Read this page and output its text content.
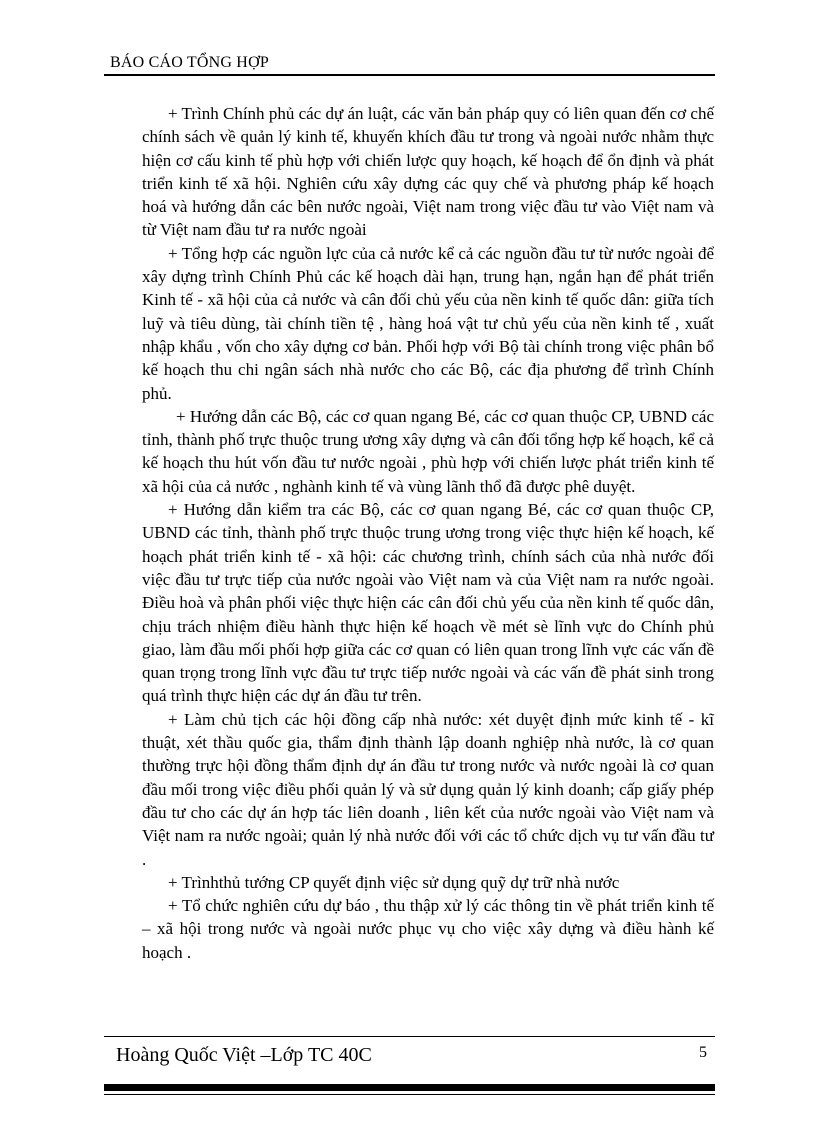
BÁO CÁO TỔNG HỢP

+ Trình Chính phủ các dự án luật, các văn bản pháp quy có liên quan đến cơ chế chính sách về quản lý kinh tế, khuyến khích đầu tư trong và ngoài nước nhằm thực hiện cơ cấu kinh tế phù hợp với chiến lược quy hoạch, kế hoạch để ổn định và phát triển kinh tế xã hội. Nghiên cứu xây dựng các quy chế và phương pháp kế hoạch hoá và hướng dẫn các bên nước ngoài, Việt nam trong việc đầu tư vào Việt nam và từ Việt nam đầu tư ra nước ngoài

+ Tổng hợp các nguồn lực của cả nước kể cả các nguồn đầu tư từ nước ngoài để xây dựng trình Chính Phủ các kế hoạch dài hạn, trung hạn, ngắn hạn để phát triển Kinh tế - xã hội của cả nước và cân đối chủ yếu của nền kinh tế quốc dân: giữa tích luỹ và tiêu dùng, tài chính tiền tệ , hàng hoá vật tư chủ yếu của nền kinh tế , xuất nhập khẩu , vốn cho xây dựng cơ bản. Phối hợp với Bộ tài chính trong việc phân bổ kế hoạch thu chi ngân sách nhà nước cho các Bộ, các địa phương để trình Chính phủ.

+ Hướng dẫn các Bộ, các cơ quan ngang Bé, các cơ quan thuộc CP, UBND các tỉnh, thành phố trực thuộc trung ương xây dựng và cân đối tổng hợp kế hoạch, kể cả kế hoạch thu hút vốn đầu tư nước ngoài , phù hợp với chiến lược phát triển kinh tế xã hội của cả nước , nghành kinh tế và vùng lãnh thổ đã được phê duyệt.

+ Hướng dẫn kiểm tra các Bộ, các cơ quan ngang Bé, các cơ quan thuộc CP, UBND các tỉnh, thành phố trực thuộc trung ương trong việc thực hiện kế hoạch, kế hoạch phát triển kinh tế - xã hội: các chương trình, chính sách của nhà nước đối việc đầu tư trực tiếp của nước ngoài vào Việt nam và của Việt nam ra nước ngoài. Điều hoà và phân phối việc thực hiện các cân đối chủ yếu của nền kinh tế quốc dân, chịu trách nhiệm điều hành thực hiện kế hoạch về mét sè lĩnh vực do Chính phủ giao, làm đầu mối phối hợp giữa các cơ quan có liên quan trong lĩnh vực các vấn đề quan trọng trong lĩnh vực đầu tư trực tiếp nước ngoài và các vấn đề phát sinh trong quá trình thực hiện các dự án đầu tư trên.

+ Làm chủ tịch các hội đồng cấp nhà nước: xét duyệt định mức kinh tế - kĩ thuật, xét thầu quốc gia, thẩm định thành lập doanh nghiệp nhà nước, là cơ quan thường trực hội đồng thẩm định dự án đầu tư trong nước và nước ngoài là cơ quan đầu mối trong việc điều phối quản lý và sử dụng quản lý kinh doanh; cấp giấy phép đầu tư cho các dự án hợp tác liên doanh , liên kết của nước ngoài vào Việt nam và Việt nam ra nước ngoài; quản lý nhà nước đối với các tổ chức dịch vụ tư vấn đầu tư .

+ Trìnhthủ tướng CP quyết định việc sử dụng quỹ dự trữ nhà nước

+ Tổ chức nghiên cứu dự báo , thu thập xử lý các thông tin về phát triển kinh tế – xã hội trong nước và ngoài nước phục vụ cho việc xây dựng và điều hành kế hoạch .

Hoàng Quốc Việt –Lớp TC 40C	5
